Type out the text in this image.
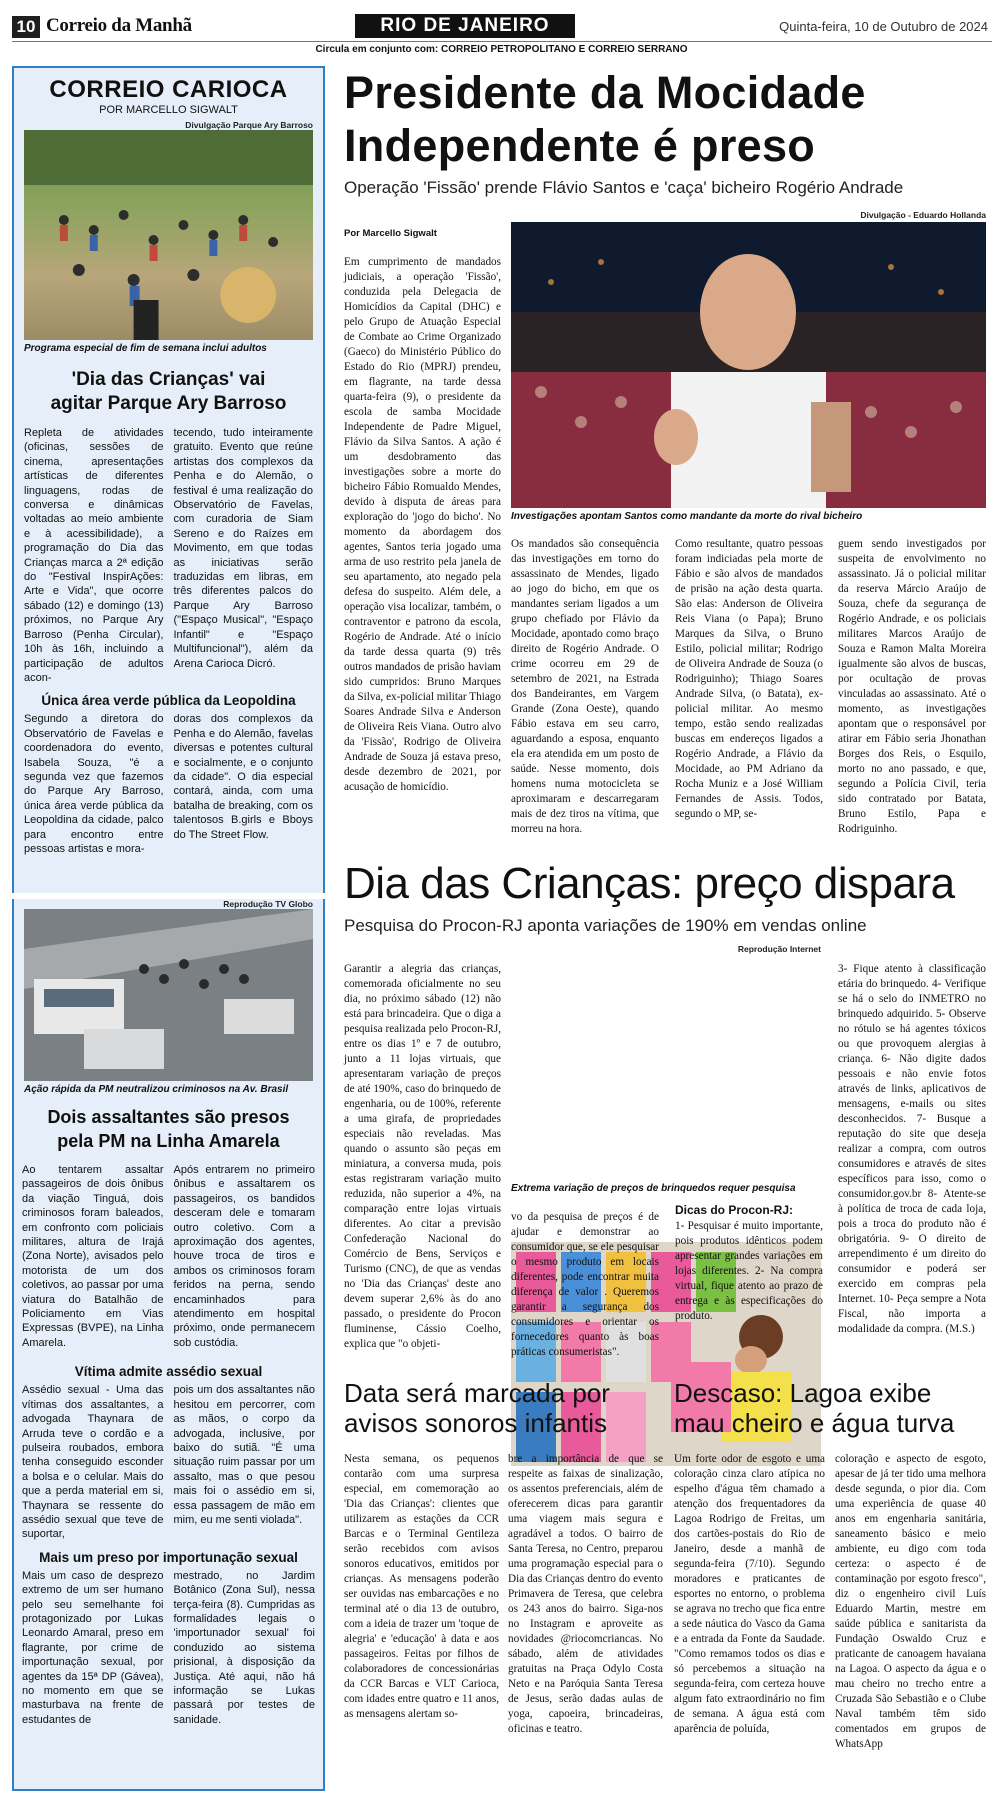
10 Correio da Manhã	RIO DE JANEIRO	Quinta-feira, 10 de Outubro de 2024
Circula em conjunto com: CORREIO PETROPOLITANO E CORREIO SERRANO
CORREIO CARIOCA
POR MARCELLO SIGWALT
Divulgação Parque Ary Barroso
Programa especial de fim de semana inclui adultos
'Dia das Crianças' vai agitar Parque Ary Barroso
Repleta de atividades (oficinas, sessões de cinema, apresentações artísticas de diferentes linguagens, rodas de conversa e dinâmicas voltadas ao meio ambiente e à acessibilidade), a programação do Dia das Crianças marca a 2ª edição do "Festival InspirAções: Arte e Vida", que ocorre sábado (12) e domingo (13) próximos, no Parque Ary Barroso (Penha Circular), 10h às 16h, incluindo a participação de adultos acon-
tecendo, tudo inteiramente gratuito. Evento que reúne artistas dos complexos da Penha e do Alemão, o festival é uma realização do Observatório de Favelas, com curadoria de Siam Sereno e do Raízes em Movimento, em que todas as iniciativas serão traduzidas em libras, em três diferentes palcos do Parque Ary Barroso ("Espaço Musical", "Espaço Infantil" e "Espaço Multifuncional"), além da Arena Carioca Dicró.
Única área verde pública da Leopoldina
Segundo a diretora do Observatório de Favelas e coordenadora do evento, Isabela Souza, "é a segunda vez que fazemos do Parque Ary Barroso, única área verde pública da Leopoldina da cidade, palco para encontro entre pessoas artistas e mora-
doras dos complexos da Penha e do Alemão, favelas diversas e potentes cultural e socialmente, e o conjunto da cidade". O dia especial contará, ainda, com uma batalha de breaking, com os talentosos B.girls e Bboys do The Street Flow.
Reprodução TV Globo
Ação rápida da PM neutralizou criminosos na Av. Brasil
Dois assaltantes são presos pela PM na Linha Amarela
Ao tentarem assaltar passageiros de dois ônibus da viação Tinguá, dois criminosos foram baleados, em confronto com policiais militares, altura de Irajá (Zona Norte), avisados pelo motorista de um dos coletivos, ao passar por uma viatura do Batalhão de Policiamento em Vias Expressas (BVPE), na Linha Amarela.
Após entrarem no primeiro ônibus e assaltarem os passageiros, os bandidos desceram dele e tomaram outro coletivo. Com a aproximação dos agentes, houve troca de tiros e ambos os criminosos foram feridos na perna, sendo encaminhados para atendimento em hospital próximo, onde permanecem sob custódia.
Vítima admite assédio sexual
Assédio sexual - Uma das vítimas dos assaltantes, a advogada Thaynara de Arruda teve o cordão e a pulseira roubados, embora tenha conseguido esconder a bolsa e o celular. Mais do que a perda material em si, Thaynara se ressente do assédio sexual que teve de suportar,
pois um dos assaltantes não hesitou em percorrer, com as mãos, o corpo da advogada, inclusive, por baixo do sutiã. "É uma situação ruim passar por um assalto, mas o que pesou mais foi o assédio em si, essa passagem de mão em mim, eu me senti violada".
Mais um preso por importunação sexual
Mais um caso de desprezo extremo de um ser humano pelo seu semelhante foi protagonizado por Lukas Leonardo Amaral, preso em flagrante, por crime de importunação sexual, por agentes da 15ª DP (Gávea), no momento em que se masturbava na frente de estudantes de
mestrado, no Jardim Botânico (Zona Sul), nessa terça-feira (8). Cumpridas as formalidades legais o 'importunador sexual' foi conduzido ao sistema prisional, à disposição da Justiça. Até aqui, não há informação se Lukas passará por testes de sanidade.
Presidente da Mocidade Independente é preso
Operação 'Fissão' prende Flávio Santos e 'caça' bicheiro Rogério Andrade
Por Marcello Sigwalt
Divulgação - Eduardo Hollanda
Investigações apontam Santos como mandante da morte do rival bicheiro
Em cumprimento de mandados judiciais, a operação 'Fissão', conduzida pela Delegacia de Homicídios da Capital (DHC) e pelo Grupo de Atuação Especial de Combate ao Crime Organizado (Gaeco) do Ministério Público do Estado do Rio (MPRJ) prendeu, em flagrante, na tarde dessa quarta-feira (9), o presidente da escola de samba Mocidade Independente de Padre Miguel, Flávio da Silva Santos. A ação é um desdobramento das investigações sobre a morte do bicheiro Fábio Romualdo Mendes, devido à disputa de áreas para exploração do 'jogo do bicho'. No momento da abordagem dos agentes, Santos teria jogado uma arma de uso restrito pela janela de seu apartamento, ato negado pela defesa do suspeito. Além dele, a operação visa localizar, também, o contraventor e patrono da escola, Rogério de Andrade. Até o início da tarde dessa quarta (9) três outros mandados de prisão haviam sido cumpridos: Bruno Marques da Silva, ex-policial militar Thiago Soares Andrade Silva e Anderson de Oliveira Reis Viana. Outro alvo da 'Fissão', Rodrigo de Oliveira Andrade de Souza já estava preso, desde dezembro de 2021, por acusação de homicídio.
Os mandados são consequência das investigações em torno do assassinato de Mendes, ligado ao jogo do bicho, em que os mandantes seriam ligados a um grupo chefiado por Flávio da Mocidade, apontado como braço direito de Rogério Andrade. O crime ocorreu em 29 de setembro de 2021, na Estrada dos Bandeirantes, em Vargem Grande (Zona Oeste), quando Fábio estava em seu carro, aguardando a esposa, enquanto ela era atendida em um posto de saúde. Nesse momento, dois homens numa motocicleta se aproximaram e descarregaram mais de dez tiros na vítima, que morreu na hora.
Como resultante, quatro pessoas foram indiciadas pela morte de Fábio e são alvos de mandados de prisão na ação desta quarta. São elas: Anderson de Oliveira Reis Viana (o Papa); Bruno Marques da Silva, o Bruno Estilo, policial militar; Rodrigo de Oliveira Andrade de Souza (o Rodriguinho); Thiago Soares Andrade Silva, (o Batata), ex-policial militar. Ao mesmo tempo, estão sendo realizadas buscas em endereços ligados a Rogério Andrade, a Flávio da Mocidade, ao PM Adriano da Rocha Muniz e a José William Fernandes de Assis. Todos, segundo o MP, se-
guem sendo investigados por suspeita de envolvimento no assassinato. Já o policial militar da reserva Márcio Araújo de Souza, chefe da segurança de Rogério Andrade, e os policiais militares Marcos Araújo de Souza e Ramon Malta Moreira igualmente são alvos de buscas, por ocultação de provas vinculadas ao assassinato. Até o momento, as investigações apontam que o responsável por atirar em Fábio seria Jhonathan Borges dos Reis, o Esquilo, morto no ano passado, e que, segundo a Polícia Civil, teria sido contratado por Batata, Bruno Estilo, Papa e Rodriguinho.
Dia das Crianças: preço dispara
Pesquisa do Procon-RJ aponta variações de 190% em vendas online
Reprodução Internet
Extrema variação de preços de brinquedos requer pesquisa
Garantir a alegria das crianças, comemorada oficialmente no seu dia, no próximo sábado (12) não está para brincadeira. Que o diga a pesquisa realizada pelo Procon-RJ, entre os dias 1º e 7 de outubro, junto a 11 lojas virtuais, que apresentaram variação de preços de até 190%, caso do brinquedo de engenharia, ou de 100%, referente a uma girafa, de propriedades especiais não reveladas. Mas quando o assunto são peças em miniatura, a conversa muda, pois estas registraram variação muito reduzida, não superior a 4%, na comparação entre lojas virtuais diferentes. Ao citar a previsão Confederação Nacional do Comércio de Bens, Serviços e Turismo (CNC), de que as vendas no 'Dia das Crianças' deste ano devem superar 2,6% às do ano passado, o presidente do Procon fluminense, Cássio Coelho, explica que "o objeti-
vo da pesquisa de preços é de ajudar e demonstrar ao consumidor que, se ele pesquisar o mesmo produto em locais diferentes, pode encontrar muita diferença de valor . Queremos garantir a segurança dos consumidores e orientar os fornecedores quanto às boas práticas consumeristas".
Dicas do Procon-RJ:
1- Pesquisar é muito importante, pois produtos idênticos podem apresentar grandes variações em lojas diferentes. 2- Na compra virtual, fique atento ao prazo de entrega e às especificações do produto.
3- Fique atento à classificação etária do brinquedo. 4- Verifique se há o selo do INMETRO no brinquedo adquirido. 5- Observe no rótulo se há agentes tóxicos ou que provoquem alergias à criança. 6- Não digite dados pessoais e não envie fotos através de links, aplicativos de mensagens, e-mails ou sites desconhecidos. 7- Busque a reputação do site que deseja realizar a compra, com outros consumidores e através de sites específicos para isso, como o consumidor.gov.br 8- Atente-se à política de troca de cada loja, pois a troca do produto não é obrigatória. 9- O direito de arrependimento é um direito do consumidor e poderá ser exercido em compras pela Internet. 10- Peça sempre a Nota Fiscal, não importa a modalidade da compra. (M.S.)
Data será marcada por avisos sonoros infantis
Nesta semana, os pequenos contarão com uma surpresa especial, em comemoração ao 'Dia das Crianças': clientes que utilizarem as estações da CCR Barcas e o Terminal Gentileza serão recebidos com avisos sonoros educativos, emitidos por crianças. As mensagens poderão ser ouvidas nas embarcações e no terminal até o dia 13 de outubro, com a ideia de trazer um 'toque de alegria' e 'educação' à data e aos passageiros. Feitas por filhos de colaboradores de concessionárias da CCR Barcas e VLT Carioca, com idades entre quatro e 11 anos, as mensagens alertam so-
bre a importância de que se respeite as faixas de sinalização, os assentos preferenciais, além de oferecerem dicas para garantir uma viagem mais segura e agradável a todos. O bairro de Santa Teresa, no Centro, preparou uma programação especial para o Dia das Crianças dentro do evento Primavera de Teresa, que celebra os 243 anos do bairro. Siga-nos no Instagram e aproveite as novidades @riocomcriancas. No sábado, além de atividades gratuitas na Praça Odylo Costa Neto e na Paróquia Santa Teresa de Jesus, serão dadas aulas de yoga, capoeira, brincadeiras, oficinas e teatro.
Descaso: Lagoa exibe mau cheiro e água turva
Um forte odor de esgoto e uma coloração cinza claro atípica no espelho d'água têm chamado a atenção dos frequentadores da Lagoa Rodrigo de Freitas, um dos cartões-postais do Rio de Janeiro, desde a manhã de segunda-feira (7/10). Segundo moradores e praticantes de esportes no entorno, o problema se agrava no trecho que fica entre a sede náutica do Vasco da Gama e a entrada da Fonte da Saudade. "Como remamos todos os dias e só percebemos a situação na segunda-feira, com certeza houve algum fato extraordinário no fim de semana. A água está com aparência de poluída,
coloração e aspecto de esgoto, apesar de já ter tido uma melhora desde segunda, o pior dia. Com uma experiência de quase 40 anos em engenharia sanitária, saneamento básico e meio ambiente, eu digo com toda certeza: o aspecto é de contaminação por esgoto fresco", diz o engenheiro civil Luís Eduardo Martin, mestre em saúde pública e sanitarista da Fundação Oswaldo Cruz e praticante de canoagem havaiana na Lagoa. O aspecto da água e o mau cheiro no trecho entre a Cruzada São Sebastião e o Clube Naval também têm sido comentados em grupos de WhatsApp
